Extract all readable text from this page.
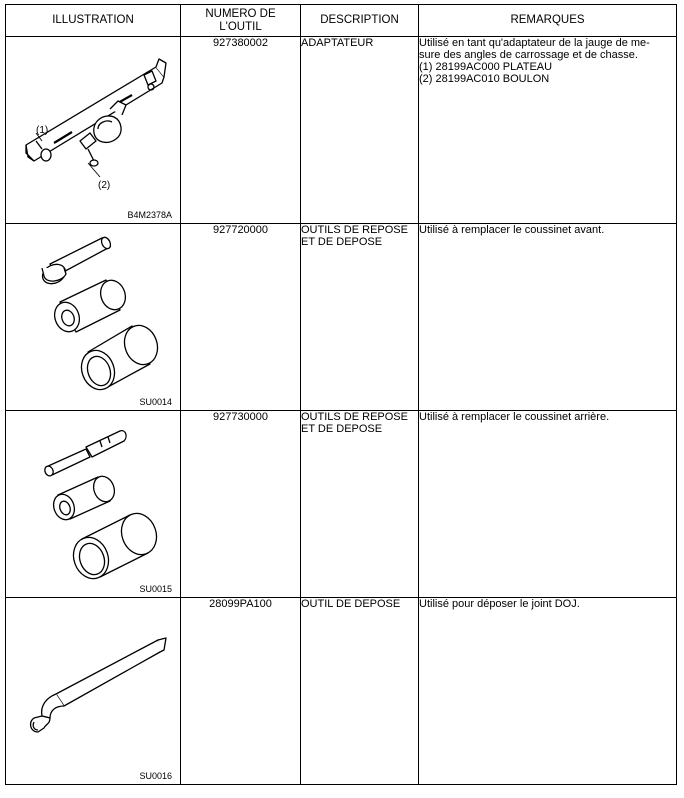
ILLUSTRATION	NUMERO DE
L'OUTIL	DESCRIPTION	REMARQUES

(1)
(2)
B4M2378A	927380002	ADAPTATEUR	Utilisé en tant qu'adaptateur de la jauge de me-
sure des angles de carrossage et de chasse.
(1) 28199AC000 PLATEAU
(2) 28199AC010 BOULON

SU0014	927720000	OUTILS DE REPOSE
ET DE DEPOSE	Utilisé à remplacer le coussinet avant.

SU0015	927730000	OUTILS DE REPOSE
ET DE DEPOSE	Utilisé à remplacer le coussinet arrière.

SU0016	28099PA100	OUTIL DE DEPOSE	Utilisé pour déposer le joint DOJ.
